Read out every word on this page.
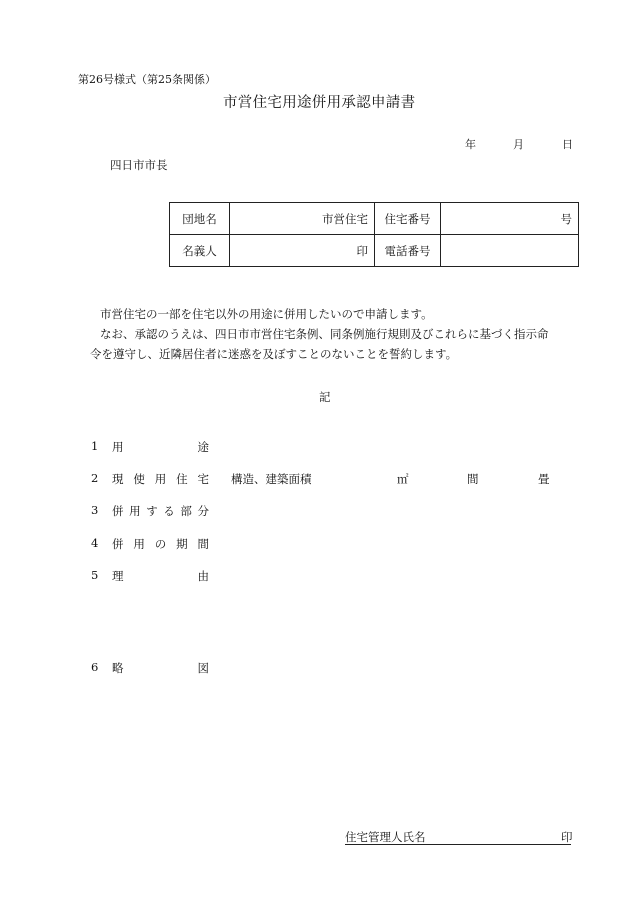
第26号様式（第25条関係）
市営住宅用途併用承認申請書
年	月	日
四日市市長
団地名	市営住宅	住宅番号	号
名義人	印	電話番号	
市営住宅の一部を住宅以外の用途に併用したいので申請します。
なお、承認のうえは、四日市市営住宅条例、同条例施行規則及びこれらに基づく指示命
令を遵守し、近隣居住者に迷惑を及ぼすことのないことを誓約します。
記
1 用	途
2 現 使 用 住 宅 構造、建築面積	㎡	間	畳
3 併 用 す る 部 分
4 併 用 の 期 間
5 理	由
6 略	図
住宅管理人氏名	印
